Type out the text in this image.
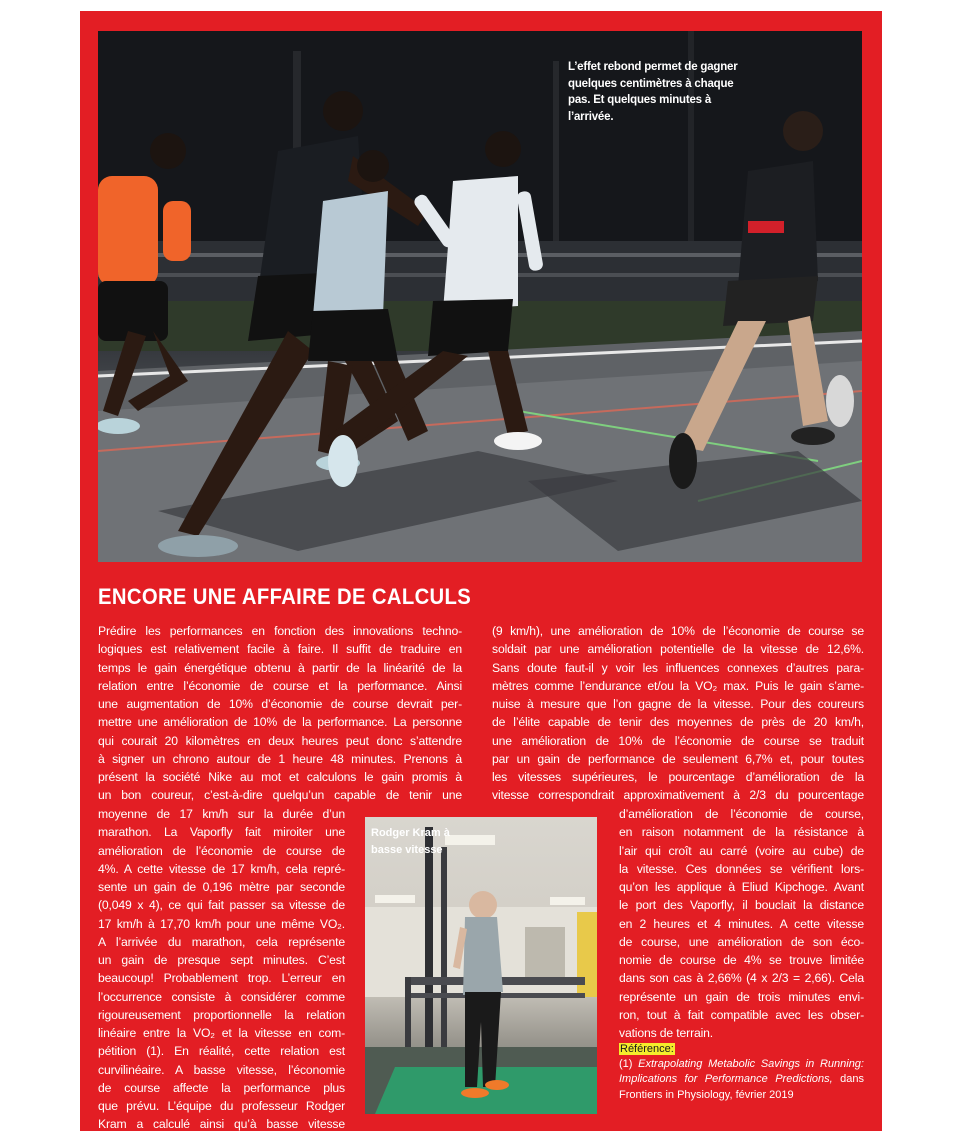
L’effet rebond permet de gagner quelques centimètres à chaque pas. Et quelques minutes à l’arrivée.
ENCORE UNE AFFAIRE DE CALCULS

Prédire les performances en fonction des innovations techno-
logiques est relativement facile à faire. Il suffit de traduire en
temps le gain énergétique obtenu à partir de la linéarité de la
relation entre l’économie de course et la performance. Ainsi
une augmentation de 10% d’économie de course devrait per-
mettre une amélioration de 10% de la performance. La personne
qui courait 20 kilomètres en deux heures peut donc s’attendre
à signer un chrono autour de 1 heure 48 minutes. Prenons à
présent la société Nike au mot et calculons le gain promis à
un bon coureur, c’est-à-dire quelqu’un capable de tenir une

moyenne de 17 km/h sur la durée d’un
marathon. La Vaporfly fait miroiter une
amélioration de l’économie de course de
4%. A cette vitesse de 17 km/h, cela repré-
sente un gain de 0,196 mètre par seconde
(0,049 x 4), ce qui fait passer sa vitesse de
17 km/h à 17,70 km/h pour une même VO₂.
A l’arrivée du marathon, cela représente
un gain de presque sept minutes. C’est
beaucoup! Probablement trop. L’erreur en
l’occurrence consiste à considérer comme
rigoureusement proportionnelle la relation
linéaire entre la VO₂ et la vitesse en com-
pétition (1). En réalité, cette relation est
curvilinéaire. A basse vitesse, l’économie
de course affecte la performance plus
que prévu. L’équipe du professeur Rodger
Kram a calculé ainsi qu’à basse vitesse

(9 km/h), une amélioration de 10% de l’économie de course se
soldait par une amélioration potentielle de la vitesse de 12,6%.
Sans doute faut-il y voir les influences connexes d’autres para-
mètres comme l’endurance et/ou la VO₂ max. Puis le gain s’ame-
nuise à mesure que l’on gagne de la vitesse. Pour des coureurs
de l’élite capable de tenir des moyennes de près de 20 km/h,
une amélioration de 10% de l’économie de course se traduit
par un gain de performance de seulement 6,7% et, pour toutes
les vitesses supérieures, le pourcentage d’amélioration de la
vitesse correspondrait approximativement à 2/3 du pourcentage

d’amélioration de l’économie de course,
en raison notamment de la résistance à
l’air qui croît au carré (voire au cube) de
la vitesse. Ces données se vérifient lors-
qu’on les applique à Eliud Kipchoge. Avant
le port des Vaporfly, il bouclait la distance
en 2 heures et 4 minutes. A cette vitesse
de course, une amélioration de son éco-
nomie de course de 4% se trouve limitée
dans son cas à 2,66% (4 x 2/3 = 2,66). Cela
représente un gain de trois minutes envi-
ron, tout à fait compatible avec les obser-
vations de terrain.

Rodger Kram à basse vitesse
Référence:
(1) Extrapolating Metabolic Savings in Running: Implications for Performance Predictions, dans Frontiers in Physiology, février 2019
